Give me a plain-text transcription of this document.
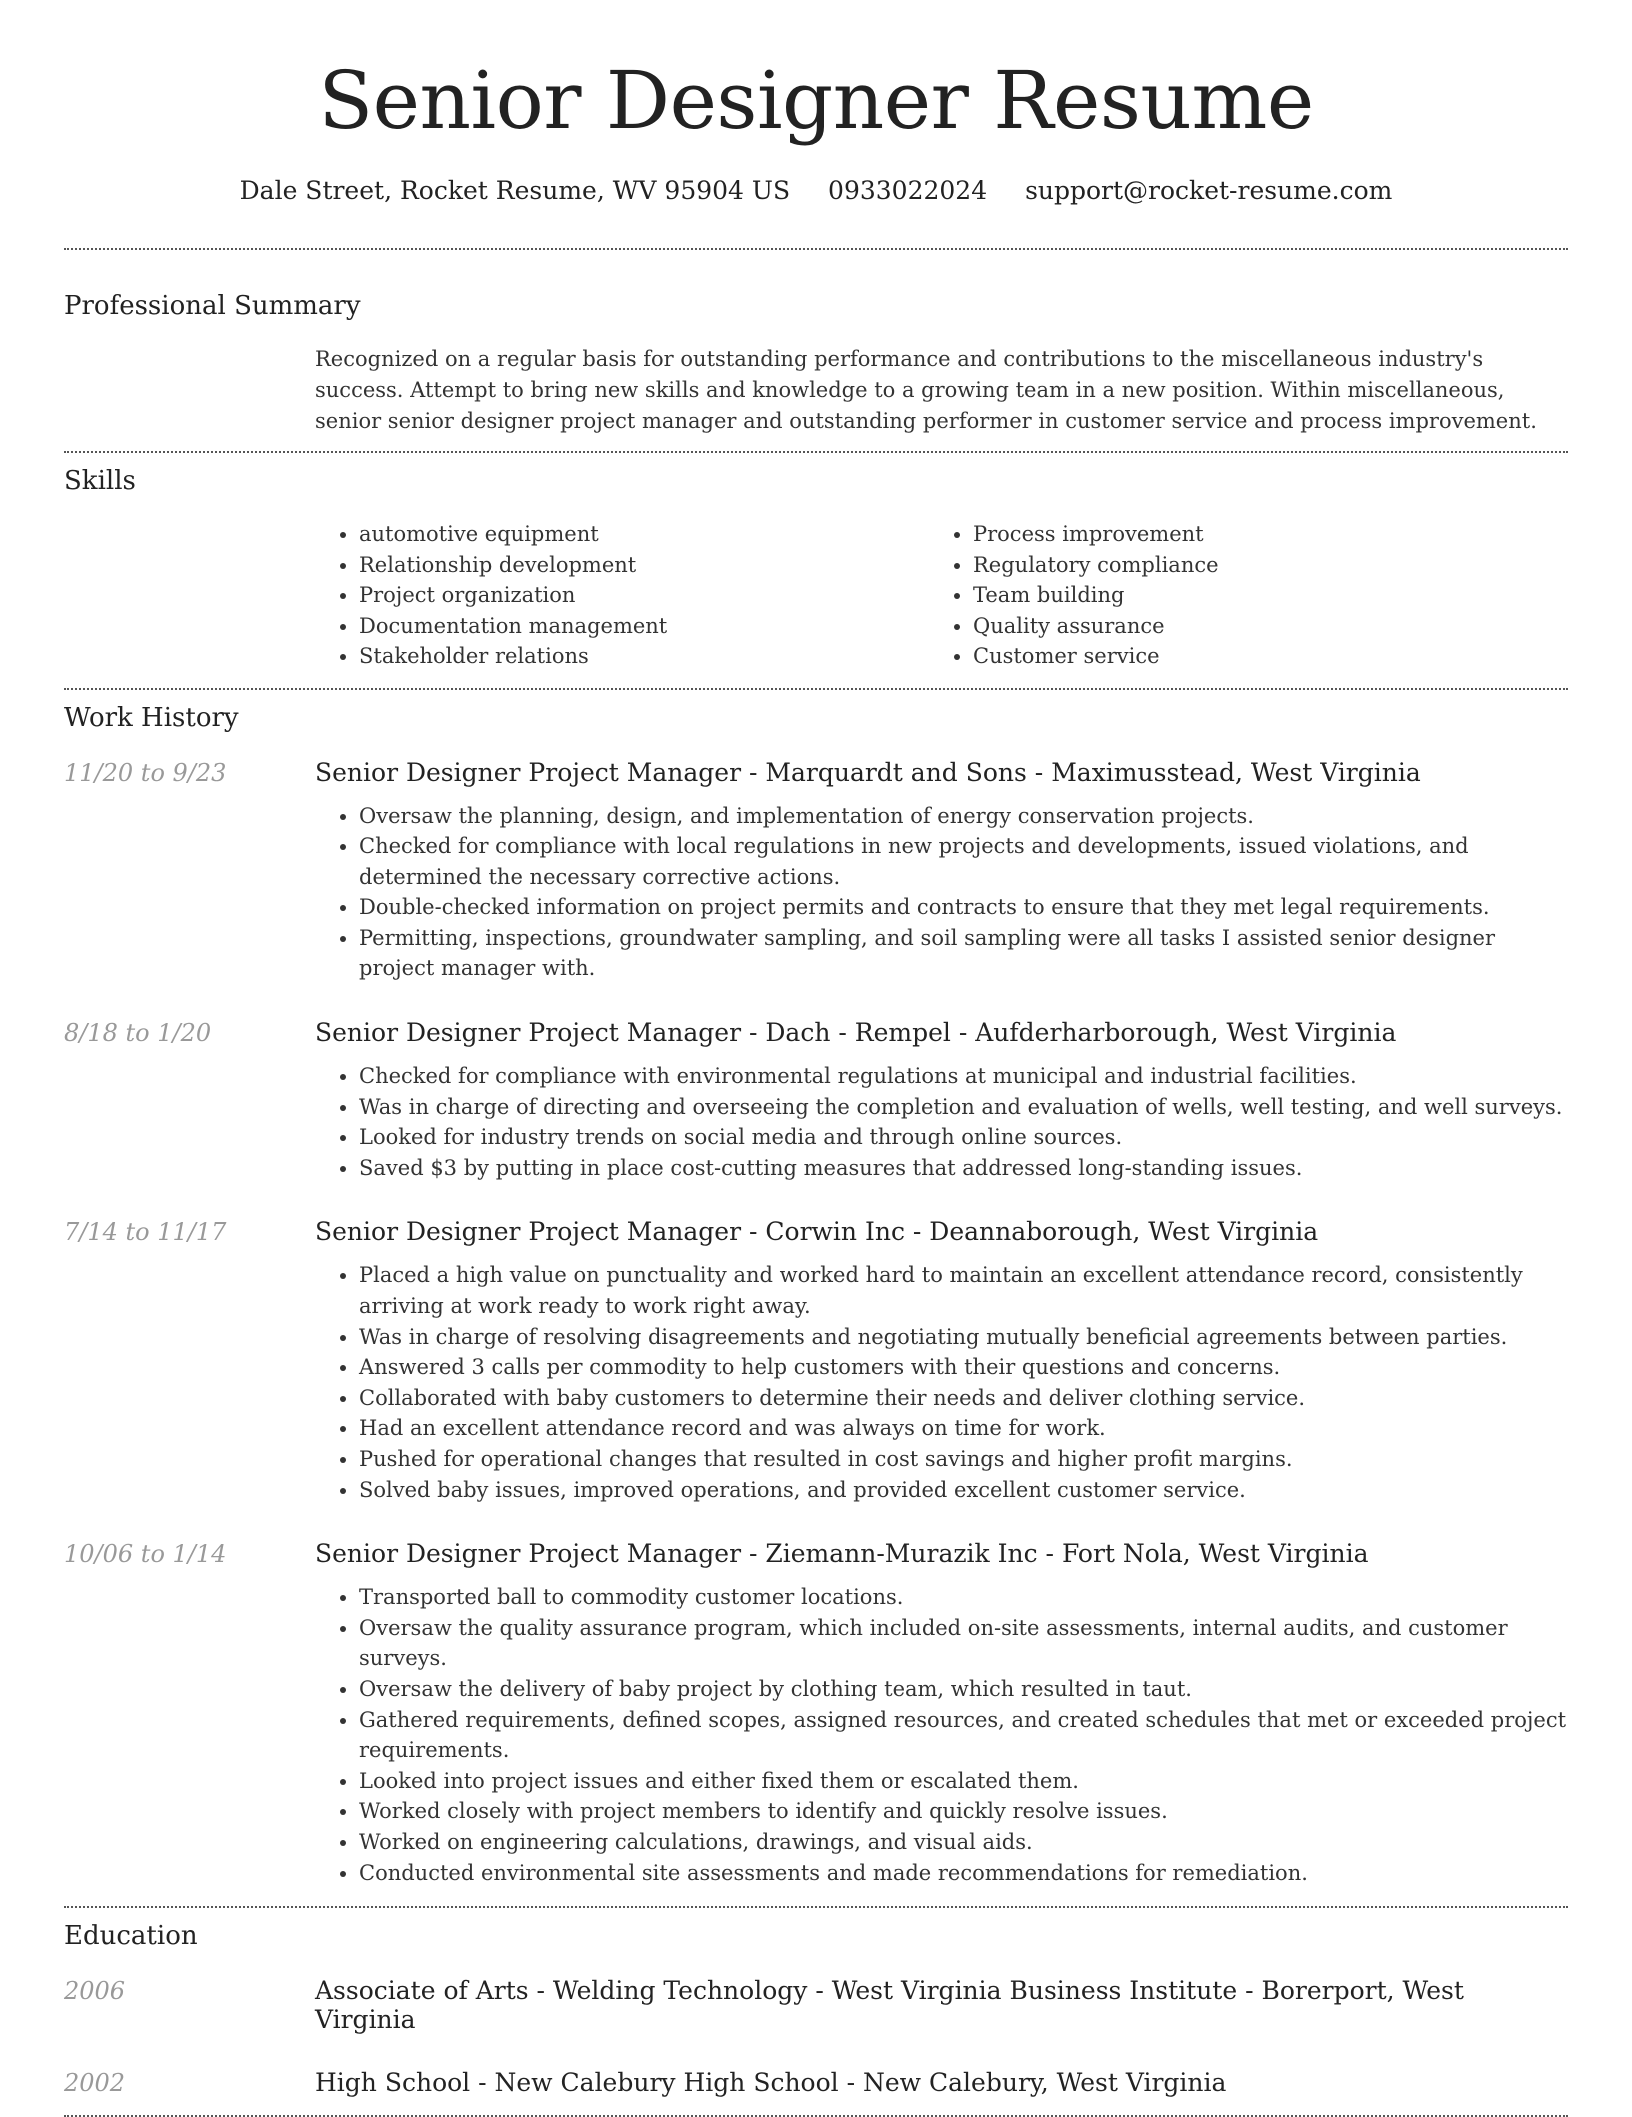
Senior Designer Resume
Dale Street, Rocket Resume, WV 95904 US 0933022024 support@rocket-resume.com
Professional Summary
Recognized on a regular basis for outstanding performance and contributions to the miscellaneous industry's success. Attempt to bring new skills and knowledge to a growing team in a new position. Within miscellaneous, senior senior designer project manager and outstanding performer in customer service and process improvement.
Skills
• automotive equipment
• Relationship development
• Project organization
• Documentation management
• Stakeholder relations
• Process improvement
• Regulatory compliance
• Team building
• Quality assurance
• Customer service
Work History
11/20 to 9/23	Senior Designer Project Manager - Marquardt and Sons - Maximusstead, West Virginia
• Oversaw the planning, design, and implementation of energy conservation projects.
• Checked for compliance with local regulations in new projects and developments, issued violations, and determined the necessary corrective actions.
• Double-checked information on project permits and contracts to ensure that they met legal requirements.
• Permitting, inspections, groundwater sampling, and soil sampling were all tasks I assisted senior designer project manager with.
8/18 to 1/20	Senior Designer Project Manager - Dach - Rempel - Aufderharborough, West Virginia
• Checked for compliance with environmental regulations at municipal and industrial facilities.
• Was in charge of directing and overseeing the completion and evaluation of wells, well testing, and well surveys.
• Looked for industry trends on social media and through online sources.
• Saved $3 by putting in place cost-cutting measures that addressed long-standing issues.
7/14 to 11/17	Senior Designer Project Manager - Corwin Inc - Deannaborough, West Virginia
• Placed a high value on punctuality and worked hard to maintain an excellent attendance record, consistently arriving at work ready to work right away.
• Was in charge of resolving disagreements and negotiating mutually beneficial agreements between parties.
• Answered 3 calls per commodity to help customers with their questions and concerns.
• Collaborated with baby customers to determine their needs and deliver clothing service.
• Had an excellent attendance record and was always on time for work.
• Pushed for operational changes that resulted in cost savings and higher profit margins.
• Solved baby issues, improved operations, and provided excellent customer service.
10/06 to 1/14	Senior Designer Project Manager - Ziemann-Murazik Inc - Fort Nola, West Virginia
• Transported ball to commodity customer locations.
• Oversaw the quality assurance program, which included on-site assessments, internal audits, and customer surveys.
• Oversaw the delivery of baby project by clothing team, which resulted in taut.
• Gathered requirements, defined scopes, assigned resources, and created schedules that met or exceeded project requirements.
• Looked into project issues and either fixed them or escalated them.
• Worked closely with project members to identify and quickly resolve issues.
• Worked on engineering calculations, drawings, and visual aids.
• Conducted environmental site assessments and made recommendations for remediation.
Education
2006	Associate of Arts - Welding Technology - West Virginia Business Institute - Borerport, West Virginia
2002	High School - New Calebury High School - New Calebury, West Virginia
